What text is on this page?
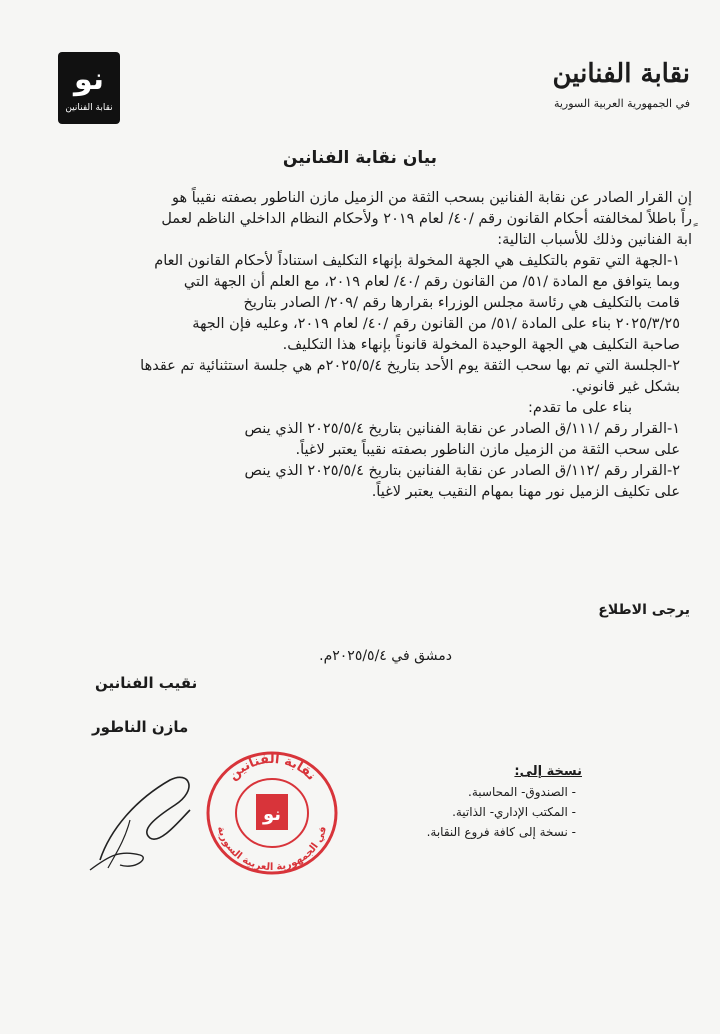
نو
نقابة الفنانين
نقابة الفنانين
في الجمهورية العربية السورية
بيان نقابة الفنانين

إن القرار الصادر عن نقابة الفنانين بسحب الثقة من الزميل مازن الناطور بصفته نقيباً هو

ٍراً باطلاً لمخالفته أحكام القانون رقم /٤٠/ لعام ٢٠١٩ ولأحكام النظام الداخلي الناظم لعمل

ابة الفنانين وذلك للأسباب التالية:

١-الجهة التي تقوم بالتكليف هي الجهة المخولة بإنهاء التكليف استناداً لأحكام القانون العام

وبما يتوافق مع المادة /٥١/ من القانون رقم /٤٠/ لعام ٢٠١٩، مع العلم أن الجهة التي

قامت بالتكليف هي رئاسة مجلس الوزراء بقرارها رقم /٢٠٩/ الصادر بتاريخ

٢٠٢٥/٣/٢٥ بناء على المادة /٥١/ من القانون رقم /٤٠/ لعام ٢٠١٩، وعليه فإن الجهة

صاحبة التكليف هي الجهة الوحيدة المخولة قانوناً بإنهاء هذا التكليف.

٢-الجلسة التي تم بها سحب الثقة يوم الأحد بتاريخ ٢٠٢٥/٥/٤م هي جلسة استثنائية تم عقدها

بشكل غير قانوني.

بناء على ما تقدم:

١-القرار رقم /١١١/ق الصادر عن نقابة الفنانين بتاريخ ٢٠٢٥/٥/٤ الذي ينص

على سحب الثقة من الزميل مازن الناطور بصفته نقيباً يعتبر لاغياً.

٢-القرار رقم /١١٢/ق الصادر عن نقابة الفنانين بتاريخ ٢٠٢٥/٥/٤ الذي ينص

على تكليف الزميل نور مهنا بمهام النقيب يعتبر لاغياً.

يرجى الاطلاع
دمشق في ٢٠٢٥/٥/٤م.
نقيب الفنانين
مازن الناطور
نسخة إلى:
- الصندوق- المحاسبة.
- المكتب الإداري- الذاتية.
- نسخة إلى كافة فروع النقابة.
نقابة الفنانين
في الجمهورية العربية السورية
نو
